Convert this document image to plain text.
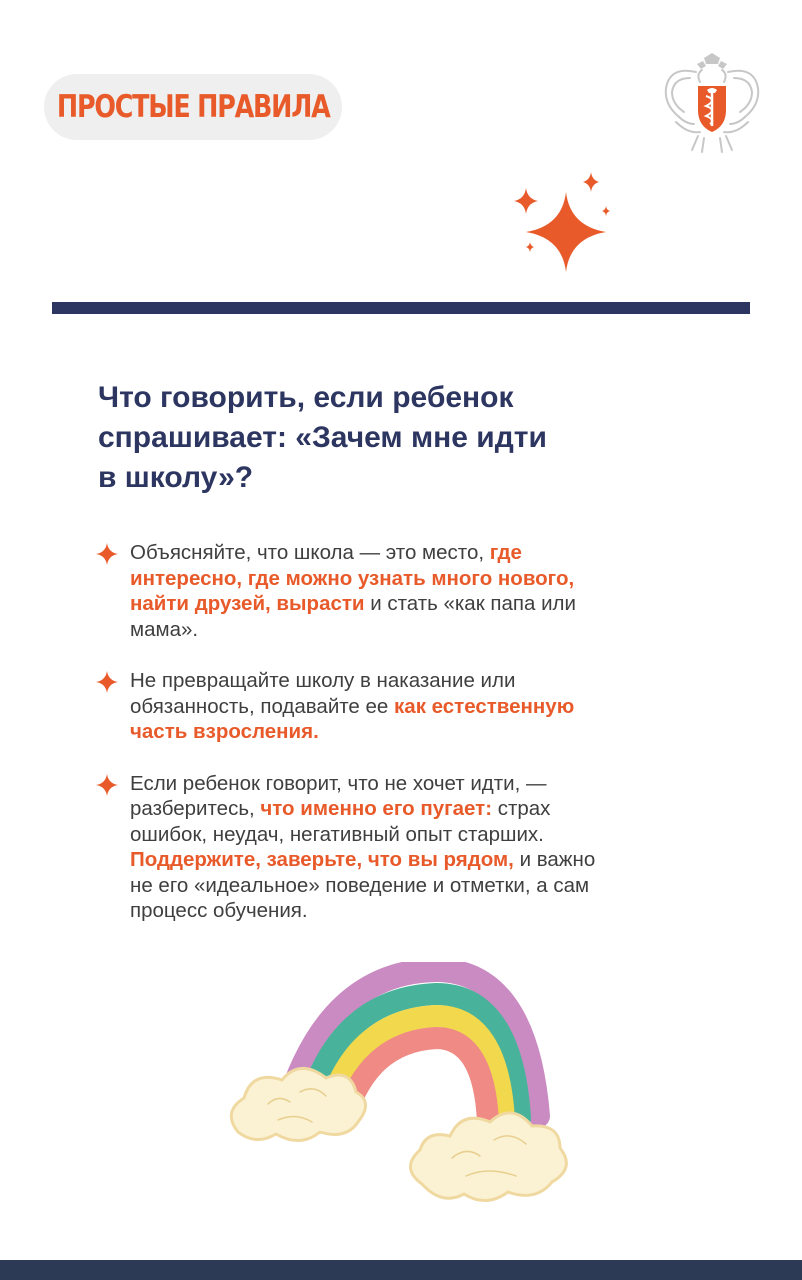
ПРОСТЫЕ ПРАВИЛА
Что говорить, если ребенок
спрашивает: «Зачем мне идти
в школу»?
Объясняйте, что школа — это место, где
интересно, где можно узнать много нового,
найти друзей, вырасти и стать «как папа или
мама».
Не превращайте школу в наказание или
обязанность, подавайте ее как естественную
часть взросления.
Если ребенок говорит, что не хочет идти, —
разберитесь, что именно его пугает: страх
ошибок, неудач, негативный опыт старших.
Поддержите, заверьте, что вы рядом, и важно
не его «идеальное» поведение и отметки, а сам
процесс обучения.
